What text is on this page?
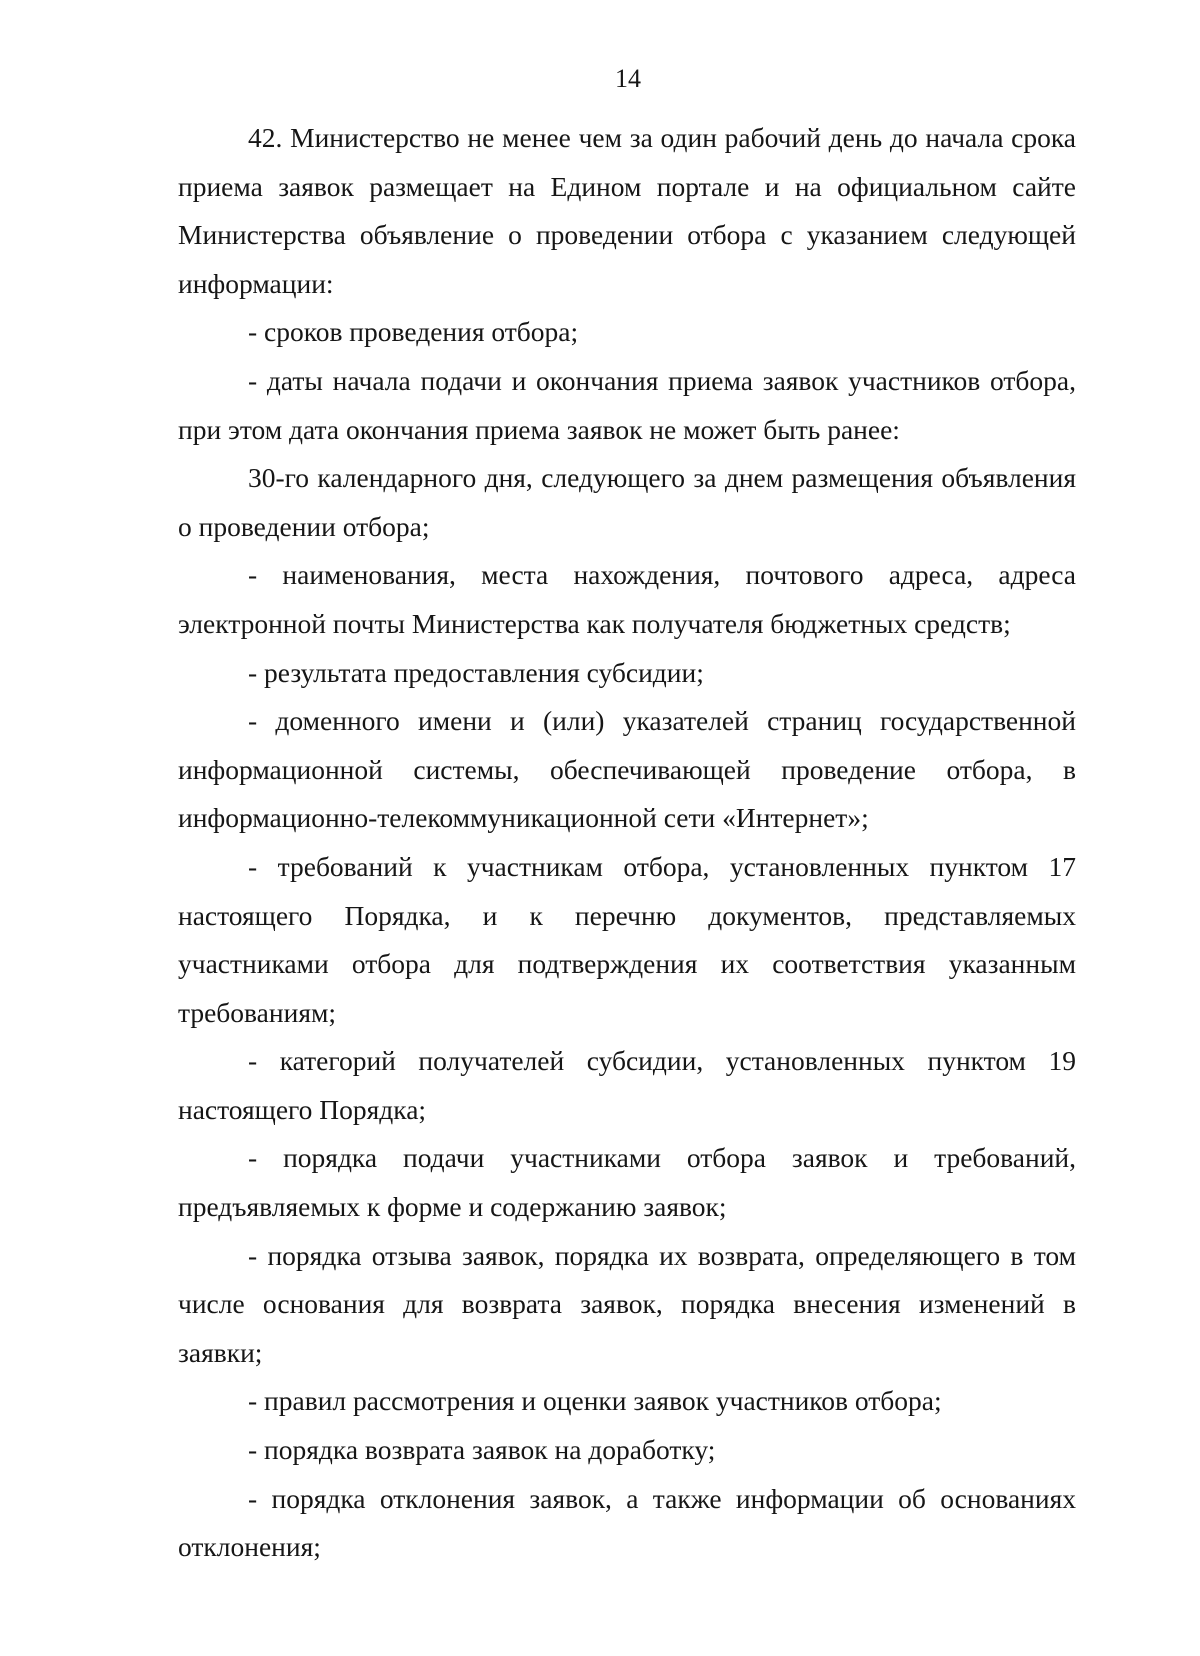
14

42. Министерство не менее чем за один рабочий день до начала срока приема заявок размещает на Едином портале и на официальном сайте Министерства объявление о проведении отбора с указанием следующей информации:

- сроков проведения отбора;

- даты начала подачи и окончания приема заявок участников отбора, при этом дата окончания приема заявок не может быть ранее:

30-го календарного дня, следующего за днем размещения объявления о проведении отбора;

- наименования, места нахождения, почтового адреса, адреса электронной почты Министерства как получателя бюджетных средств;

- результата предоставления субсидии;

- доменного имени и (или) указателей страниц государственной информационной системы, обеспечивающей проведение отбора, в информационно-телекоммуникационной сети «Интернет»;

- требований к участникам отбора, установленных пунктом 17 настоящего Порядка, и к перечню документов, представляемых участниками отбора для подтверждения их соответствия указанным требованиям;

- категорий получателей субсидии, установленных пунктом 19 настоящего Порядка;

- порядка подачи участниками отбора заявок и требований, предъявляемых к форме и содержанию заявок;

- порядка отзыва заявок, порядка их возврата, определяющего в том числе основания для возврата заявок, порядка внесения изменений в заявки;

- правил рассмотрения и оценки заявок участников отбора;

- порядка возврата заявок на доработку;

- порядка отклонения заявок, а также информации об основаниях отклонения;
